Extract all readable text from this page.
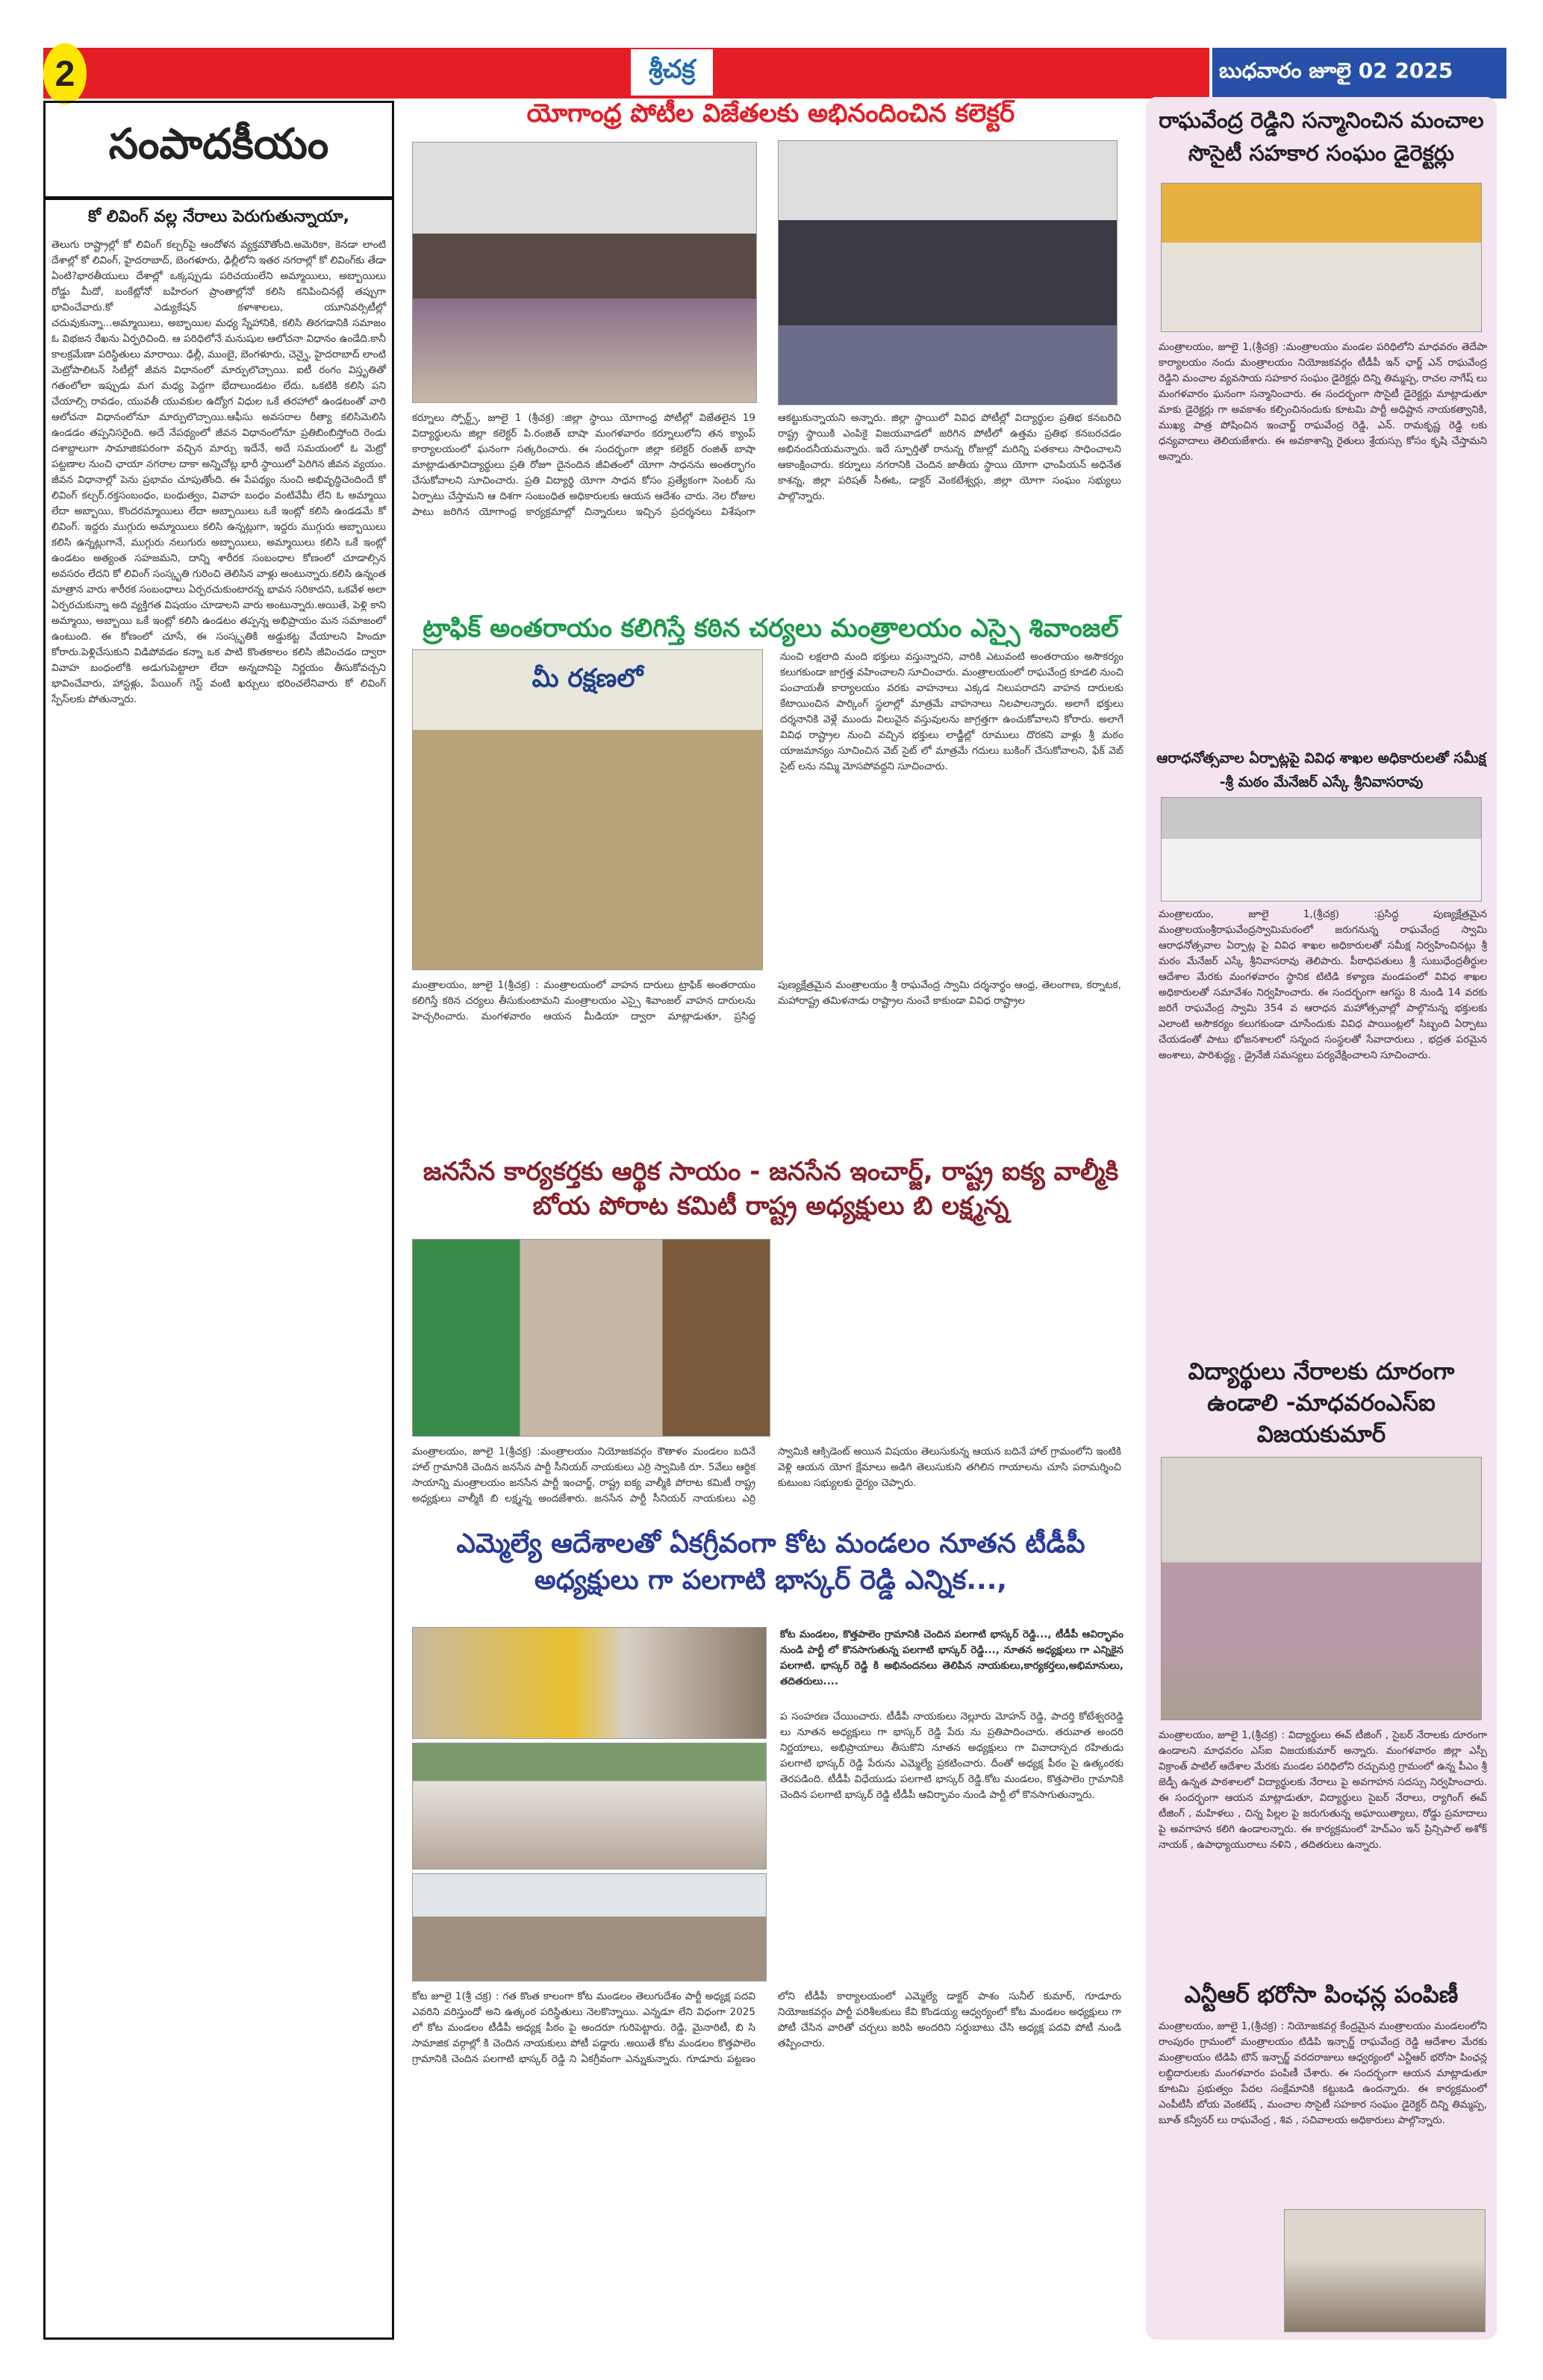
2	శ్రీచక్ర	బుధవారం జూలై 02 2025
సంపాదకీయం
కో లివింగ్ వల్ల నేరాలు పెరుగుతున్నాయా,
తెలుగు రాష్ట్రాల్లో కో లివింగ్ కల్చర్‌పై ఆందోళన వ్యక్తమౌతోంది.అమెరికా, కెనడా లాంటి దేశాల్లో కో లివింగ్, హైదరాబాద్, బెంగళూరు, ఢిల్లీలోని ఇతర నగరాల్లో కో లివింగ్‌కు తేడా ఏంటి?భారతీయులు దేశాల్లో ఒక్కప్పుడు పరిచయంలేని అమ్మాయిలు, అబ్బాయిలు రోడ్డు మీదో, బంకేట్లోనో బహిరంగ ప్రాంతాల్లోనో కలిసి కనిపించినట్లే తప్పుగా భావించేవారు.కో ఎడ్యుకేషన్ కళాశాలలు, యూనివర్సిటీల్లో చదువుకున్నా...అమ్మాయిలు, అబ్బాయిల మధ్య స్నేహానికి, కలిసి తిరగడానికి సమాజం ఓ విభజన రేఖను ఏర్పరిచింది. ఆ పరిధిలోనే మనుషుల ఆలోచనా విధానం ఉండేది.కానీ కాలక్రమేణా పరిస్థితులు మారాయి. ఢిల్లీ, ముంబై, బెంగళూరు, చెన్నై, హైదరాబాద్ లాంటి మెట్రోపాలిటన్ సిటీల్లో జీవన విధానంలో మార్పులొచ్చాయి. ఐటీ రంగం విస్తృతితో గతంలోలా ఇప్పుడు మగ మధ్య పెద్దగా భేదాలుండటం లేదు. ఒకటికి కలిసి పని చేయాల్సి రావడం, యువతీ యువకుల ఉద్యోగ విధుల ఒకే తరహాలో ఉండటంతో వారి ఆలోచనా విధానంలోనూ మార్పులొచ్చాయి.ఆఫీసు అవసరాల రీత్యా కలిసిమెలిసి ఉండడం తప్పనిసరైంది. అదే నేపథ్యంలో జీవన విధానంలోనూ ప్రతిబింబిస్తోంది రెండు దశాబ్దాలుగా సామాజికపరంగా వచ్చిన మార్పు ఇదేనే, అదే సమయంలో ఓ మెట్రో పట్టణాల నుంచి ఛాయా నగరాల దాకా అన్నిచోట్ల భారీ స్థాయిలో పెరిగిన జీవన వ్యయం. జీవన విధానాల్లో పెను ప్రభావం చూపుతోంది. ఈ పేపథ్యం నుంచి అభివృద్ధిచెందిందే కో లివింగ్ కల్చర్.రక్తసంబంధం, బంధుత్వం, వివాహ బంధం వంటివేమీ లేని ఓ అమ్మాయి లేదా అబ్బాయి, కొందరమ్మాయిలు లేదా అబ్బాయిలు ఒకే ఇంట్లో కలిసి ఉండడమే కో లివింగ్. ఇద్దరు ముగ్గురు అమ్మాయిలు కలిసి ఉన్నట్లుగా, ఇద్దరు ముగ్గురు అబ్బాయిలు కలిసి ఉన్నట్లుగానే, ముగ్గురు నలుగురు అబ్బాయిలు, అమ్మాయిలు కలిసి ఒకే ఇంట్లో ఉండటం అత్యంత సహజమని, దాన్ని శారీరక సంబంధాల కోణంలో చూడాల్సిన అవసరం లేదని కో లివింగ్ సంస్కృతి గురించి తెలిసిన వాళ్లు అంటున్నారు.కలిసి ఉన్నంత మాత్రాన వారు శారీరక సంబంధాలు ఏర్పరచుకుంటారన్న భావన సరికాదని, ఒకవేళ అలా ఏర్పరచుకున్నా అది వ్యక్తిగత విషయం చూడాలని వారు అంటున్నారు.అయితే, పెళ్లి కాని అమ్మాయి, అబ్బాయి ఒకే ఇంట్లో కలిసి ఉండటం తప్పన్న అభిప్రాయం మన సమాజంలో ఉంటుంది. ఈ కోణంలో చూసే, ఈ సంస్కృతికి అడ్డుకట్ట వేయాలని హిందూ కోరారు.పెళ్లిచేసుకుని విడిపోవడం కన్నా ఒక పాటి కొంతకాలం కలిసి జీవించడం ద్వారా వివాహ బంధంలోకి అడుగుపెట్టాలా లేదా అన్నదానిపై నిర్ణయం తీసుకోవచ్చని భావించేవారు, హాస్టళ్లు, పేయింగ్ గెస్ట్ వంటి ఖర్చులు భరించలేనివారు కో లివింగ్ స్పేస్‌లకు పోతున్నారు.
యోగాంధ్ర పోటీల విజేతలకు అభినందించిన కలెక్టర్
కర్నూలు స్పోర్ట్స్, జూలై 1 (శ్రీచక్ర) :జిల్లా స్థాయి యోగాంధ్ర పోటీల్లో విజేతలైన 19 విద్యార్థులను జిల్లా కలెక్టర్ పి.రంజిత్ బాషా మంగళవారం కర్నూలులోని తన క్యాంప్ కార్యాలయంలో ఘనంగా సత్కరించారు. ఈ సందర్భంగా జిల్లా కలెక్టర్ రంజిత్ బాషా మాట్లాడుతూవిద్యార్థులు ప్రతి రోజూ దైనందిన జీవితంలో యోగా సాధనను అంతర్భాగం చేసుకోవాలని సూచించారు. ప్రతి విద్యార్థి యోగా సాధన కోసం ప్రత్యేకంగా సెంటర్ ను ఏర్పాటు చేస్తామని ఆ దిశగా సంబంధిత అధికారులకు ఆయన ఆదేశం చారు. నెల రోజుల పాటు జరిగిన యోగాంధ్ర కార్యక్రమాల్లో చిన్నారులు ఇచ్చిన ప్రదర్శనలు విశేషంగా ఆకట్టుకున్నాయని అన్నారు. జిల్లా స్థాయిలో వివిధ పోటీల్లో విద్యార్థుల ప్రతిభ కనబరిచి రాష్ట్ర స్థాయికి ఎంపికై విజయవాడలో జరిగిన పోటీలో ఉత్తమ ప్రతిభ కనబరచడం అభినందనీయమన్నారు. ఇదే స్ఫూర్తితో రానున్న రోజుల్లో మరిన్ని పతకాలు సాధించాలని ఆకాంక్షించారు. కర్నూలు నగరానికి చెందిన జాతీయ స్థాయి యోగా ఛాంపియన్ అధినేత కాశన్న, జిల్లా పరిషత్ సీఈఓ, డాక్టర్ వెంకటేశ్వర్లు, జిల్లా యోగా సంఘం సభ్యులు పాల్గొన్నారు.
ట్రాఫిక్ అంతరాయం కలిగిస్తే కఠిన చర్యలు మంత్రాలయం ఎస్సై శివాంజల్
మీ రక్షణలో
నుంచి లక్షలాది మంది భక్తులు వస్తున్నారని, వారికి ఎటువంటి అంతరాయం అసౌకర్యం కలుగకుండా జాగ్రత్త వహించాలని సూచించారు. మంత్రాలయంలో రాఘవేంద్ర కూడలి నుంచి పంచాయతీ కార్యాలయం వరకు వాహనాలు ఎక్కడ నిలుపరాదని వాహన దారులకు కేటాయించిన పార్కింగ్ స్థలాల్లో మాత్రమే వాహనాలు నిలపాలన్నారు. అలాగే భక్తులు దర్శనానికి వెళ్లే ముందు విలువైన వస్తువులను జాగ్రత్తగా ఉంచుకోవాలని కోరారు. అలాగే వివిధ రాష్ట్రాల నుంచి వచ్చిన భక్తులు లాడ్జీల్లో రూములు దొరకని వాళ్లు శ్రీ మఠం యాజమాన్యం సూచించిన వెబ్ సైట్ లో మాత్రమే గదులు బుకింగ్ చేసుకోవాలని, ఫేక్ వెబ్ సైట్ లను నమ్మి మోసపోవద్దని సూచించారు.
మంత్రాలయం, జూలై 1(శ్రీచక్ర) : మంత్రాలయంలో వాహన దారులు ట్రాఫిక్ అంతరాయం కలిగిస్తే కఠిన చర్యలు తీసుకుంటామని మంత్రాలయం ఎస్సై శివాంజల్ వాహన దారులను హెచ్చరించారు. మంగళవారం ఆయన మీడియా ద్వారా మాట్లాడుతూ, ప్రసిద్ధ పుణ్యక్షేత్రమైన మంత్రాలయం శ్రీ రాఘవేంద్ర స్వామి దర్శనార్థం ఆంధ్ర, తెలంగాణ, కర్నాటక, మహారాష్ట్ర తమిళనాడు రాష్ట్రాల నుంచే కాకుండా వివిధ రాష్ట్రాల
జనసేన కార్యకర్తకు ఆర్థిక సాయం - జనసేన ఇంచార్జ్, రాష్ట్ర ఐక్య వాల్మీకి బోయ పోరాట కమిటీ రాష్ట్ర అధ్యక్షులు బి లక్ష్మన్న
మంత్రాలయం, జూలై 1(శ్రీచక్ర) :మంత్రాలయం నియోజకవర్గం కౌతాళం మండలం బదినే హాల్ గ్రామానికి చెందిన జనసేన పార్టీ సీనియర్ నాయకులు ఎర్రి స్వామికి రూ. 5వేలు ఆర్థిక సాయాన్ని మంత్రాలయం జనసేన పార్టీ ఇంచార్జ్, రాష్ట్ర ఐక్య వాల్మీకి పోరాట కమిటీ రాష్ట్ర అధ్యక్షులు వాల్మీకి బి లక్ష్మన్న అందజేశారు. జనసేన పార్టీ సీనియర్ నాయకులు ఎర్రి స్వామికి ఆక్సిడెంట్ అయిన విషయం తెలుసుకున్న ఆయన బదినే హాల్ గ్రామంలోని ఇంటికి వెళ్లి ఆయన యోగ క్షేమాలు అడిగి తెలుసుకుని తగిలిన గాయాలను చూసి పరామర్శించి కుటుంబ సభ్యులకు ధైర్యం చెప్పారు.
ఎమ్మెల్యే ఆదేశాలతో ఏకగ్రీవంగా కోట మండలం నూతన టీడీపీ అధ్యక్షులు గా పలగాటి భాస్కర్ రెడ్డి ఎన్నిక...,
కోట మండలం, కొత్తపాలెం గ్రామానికి చెందిన పలగాటి భాస్కర్ రెడ్డి..., టీడీపీ ఆవిర్భావం నుండి పార్టీ లో కొనసాగుతున్న పలగాటి భాస్కర్ రెడ్డి..., నూతన అధ్యక్షులు గా ఎన్నికైన పలగాటి. భాస్కర్ రెడ్డి కి అభినందనలు తెలిపిన నాయకులు,కార్యకర్తలు,అభిమానులు, తదితరులు....
ప సంహరణ చేయించారు. టీడీపీ నాయకులు నెల్లూరు మోహన్ రెడ్డి, పాదర్తి కోటేశ్వరరెడ్డి లు నూతన అధ్యక్షులు గా భాస్కర్ రెడ్డి పేరు ను ప్రతిపాదించారు. తరువాత అందరి నిర్ణయాలు, అభిప్రాయాలు తీసుకొని నూతన అధ్యక్షులు గా వివాదాస్పద రహితుడు పలగాటి భాస్కర్ రెడ్డి పేరును ఎమ్మెల్యే ప్రకటించారు. దీంతో అధ్యక్ష పీఠం పై ఉత్కంఠకు తెరపడింది. టీడీపీ విధేయుడు పలగాటి భాస్కర్ రెడ్డి.కోట మండలం, కొత్తపాలెం గ్రామానికి చెందిన పలగాటి భాస్కర్ రెడ్డి టీడీపీ ఆవిర్భావం నుండి పార్టీ లో కొనసాగుతున్నారు.
కోట జూలై 1(శ్రీ చక్ర) : గత కొంత కాలంగా కోట మండలం తెలుగుదేశం పార్టీ అధ్యక్ష పదవి ఎవరిని వరిస్తుందో అని ఉత్కంఠ పరిస్థితులు నెలకొన్నాయి. ఎన్నడూ లేని విధంగా 2025 లో కోట మండలం టీడీపీ అధ్యక్ష పీఠం పై అందరూ గురిపెట్టారు. రెడ్డి, మైనారిటీ, బి సి సామాజిక వర్గాల్లో కి చెందిన నాయకులు పోటీ పడ్డారు .అయితే కోట మండలం కొత్తపాలెం గ్రామానికి చెందిన పలగాటి భాస్కర్ రెడ్డి ని ఏకగ్రీవంగా ఎన్నుకున్నారు. గూడూరు పట్టణం లోని టీడీపీ కార్యాలయంలో ఎమ్మెల్యే డాక్టర్ పాశం సునీల్ కుమార్, గూడూరు నియోజకవర్గం పార్టీ పరిశీలకులు కేవి కొండయ్య ఆధ్వర్యంలో కోట మండలం అధ్యక్షులు గా పోటీ చేసిన వారితో చర్చలు జరిపి అందరిని సర్దుబాటు చేసి అధ్యక్ష పదవి పోటీ నుండి తప్పించారు.
రాఘవేంద్ర రెడ్డిని సన్మానించిన మంచాల సొసైటీ సహకార సంఘం డైరెక్టర్లు
మంత్రాలయం, జూలై 1,(శ్రీచక్ర) :మంత్రాలయం మండల పరిధిలోని మాధవరం తెదేపా కార్యాలయం నందు మంత్రాలయం నియోజకవర్గం టీడీపీ ఇన్ ఛార్జ్ ఎన్ రాఘవేంద్ర రెడ్డిని మంచాల వ్యవసాయ సహకార సంఘం డైరెక్టర్లు దిన్ని తిమ్మప్ప, రాచల నాగేష్ లు మంగళవారం ఘనంగా సన్మానించారు. ఈ సందర్భంగా సొసైటీ డైరెక్టర్లు మాట్లాడుతూ మాకు డైరెక్టర్లు గా అవకాశం కల్పించినందుకు కూటమి పార్టీ అధిష్టాన నాయకత్వానికి, ముఖ్య పాత్ర పోషించిన ఇంచార్జ్ రాఘవేంద్ర రెడ్డి, ఎన్. రామకృష్ణ రెడ్డి లకు ధన్యవాదాలు తెలియజేశారు. ఈ అవకాశాన్ని రైతులు శ్రేయస్సు కోసం కృషి చేస్తామని అన్నారు.
ఆరాధనోత్సవాల ఏర్పాట్లపై వివిధ శాఖల అధికారులతో సమీక్ష -శ్రీ మఠం మేనేజర్ ఎస్కే శ్రీనివాసరావు
మంత్రాలయం, జూలై 1,(శ్రీచక్ర) :ప్రసిద్ధ పుణ్యక్షేత్రమైన మంత్రాలయంశ్రీరాఘవేంద్రస్వామిమఠంలో జరుగనున్న రాఘవేంద్ర స్వామి ఆరాధనోత్సవాల ఏర్పాట్ల పై వివిధ శాఖల అధికారులతో సమీక్ష నిర్వహించినట్లు శ్రీ మఠం మేనేజర్ ఎస్కే శ్రీనివాసరావు తెలిపారు. పీఠాధిపతులు శ్రీ సుబుధేంద్రతీర్థుల ఆదేశాల మేరకు మంగళవారం స్థానిక టిటిడి కళ్యాణ మండపంలో వివిధ శాఖల అధికారులతో సమావేశం నిర్వహించారు. ఈ సందర్భంగా ఆగస్టు 8 నుండి 14 వరకు జరిగే రాఘవేంద్ర స్వామి 354 వ ఆరాధన మహోత్సవాల్లో పాల్గొనున్న భక్తులకు ఎలాంటి అసౌకర్యం కలుగకుండా చూసేందుకు వివిధ పాయింట్లలో సిబ్బంది ఏర్పాటు చేయడంతో పాటు భోజనశాలలో సన్నంద సంస్థలతో సేవాదారులు , భద్రత పరమైన అంశాలు, పారిశుద్ధ్య , డ్రైనేజీ సమస్యలు పర్యవేక్షించాలని సూచించారు.
విద్యార్థులు నేరాలకు దూరంగా ఉండాలి -మాధవరంఎస్ఐ విజయకుమార్
మంత్రాలయం, జూలై 1,(శ్రీచక్ర) : విద్యార్థులు ఈవ్ టీజింగ్ , సైబర్ నేరాలకు దూరంగా ఉండాలని మాధవరం ఎస్ఐ విజయకుమార్ అన్నారు. మంగళవారం జిల్లా ఎస్పీ విక్రాంత్ పాటిల్ ఆదేశాల మేరకు మండల పరిధిలోని రచ్చుమర్రి గ్రామంలో ఉన్న పీఎం శ్రీ జెడ్పీ ఉన్నత పాఠశాలలో విద్యార్థులకు నేరాలు పై అవగాహన సదస్సు నిర్వహించారు. ఈ సందర్భంగా ఆయన మాట్లాడుతూ, విద్యార్థులు సైబర్ నేరాలు, ర్యాగింగ్ ఈవ్ టీజింగ్ , మహిళలు , చిన్న పిల్లల పై జరుగుతున్న అఘాయిత్యాలు, రోడ్డు ప్రమాదాలు పై అవగాహన కలిగి ఉండాలన్నారు. ఈ కార్యక్రమంలో హెచ్ఎం ఇన్ ప్రిన్సిపాల్ అశోక్ నాయక్ , ఉపాధ్యాయురాలు నళిని , తదితరులు ఉన్నారు.
ఎన్టీఆర్ భరోసా పింఛన్ల పంపిణీ
మంత్రాలయం, జూలై 1,(శ్రీచక్ర) : నియోజకవర్గ కేంద్రమైన మంత్రాలయం మండలంలోని రాంపురం గ్రామంలో మంత్రాలయం టిడిపి ఇన్చార్జ్ రాఘవేంద్ర రెడ్డి ఆదేశాల మేరకు మంత్రాలయం టిడిపి టౌన్ ఇన్చార్జ్ వరదరాజులు ఆధ్వర్యంలో ఎన్టీఆర్ భరోసా పింఛన్ల లబ్ధిదారులకు మంగళవారం పంపిణీ చేశారు. ఈ సందర్భంగా ఆయన మాట్లాడుతూ కూటమి ప్రభుత్వం పేదల సంక్షేమానికి కట్టుబడి ఉందన్నారు. ఈ కార్యక్రమంలో ఎంపీటీసీ బోయ వెంకటేష్ , మంచాల సొసైటీ సహకార సంఘం డైరెక్టర్ దిన్ని తిమ్మప్ప, బూత్ కన్వీనర్ లు రాఘవేంద్ర , శివ , సచివాలయ అధికారులు పాల్గొన్నారు.
